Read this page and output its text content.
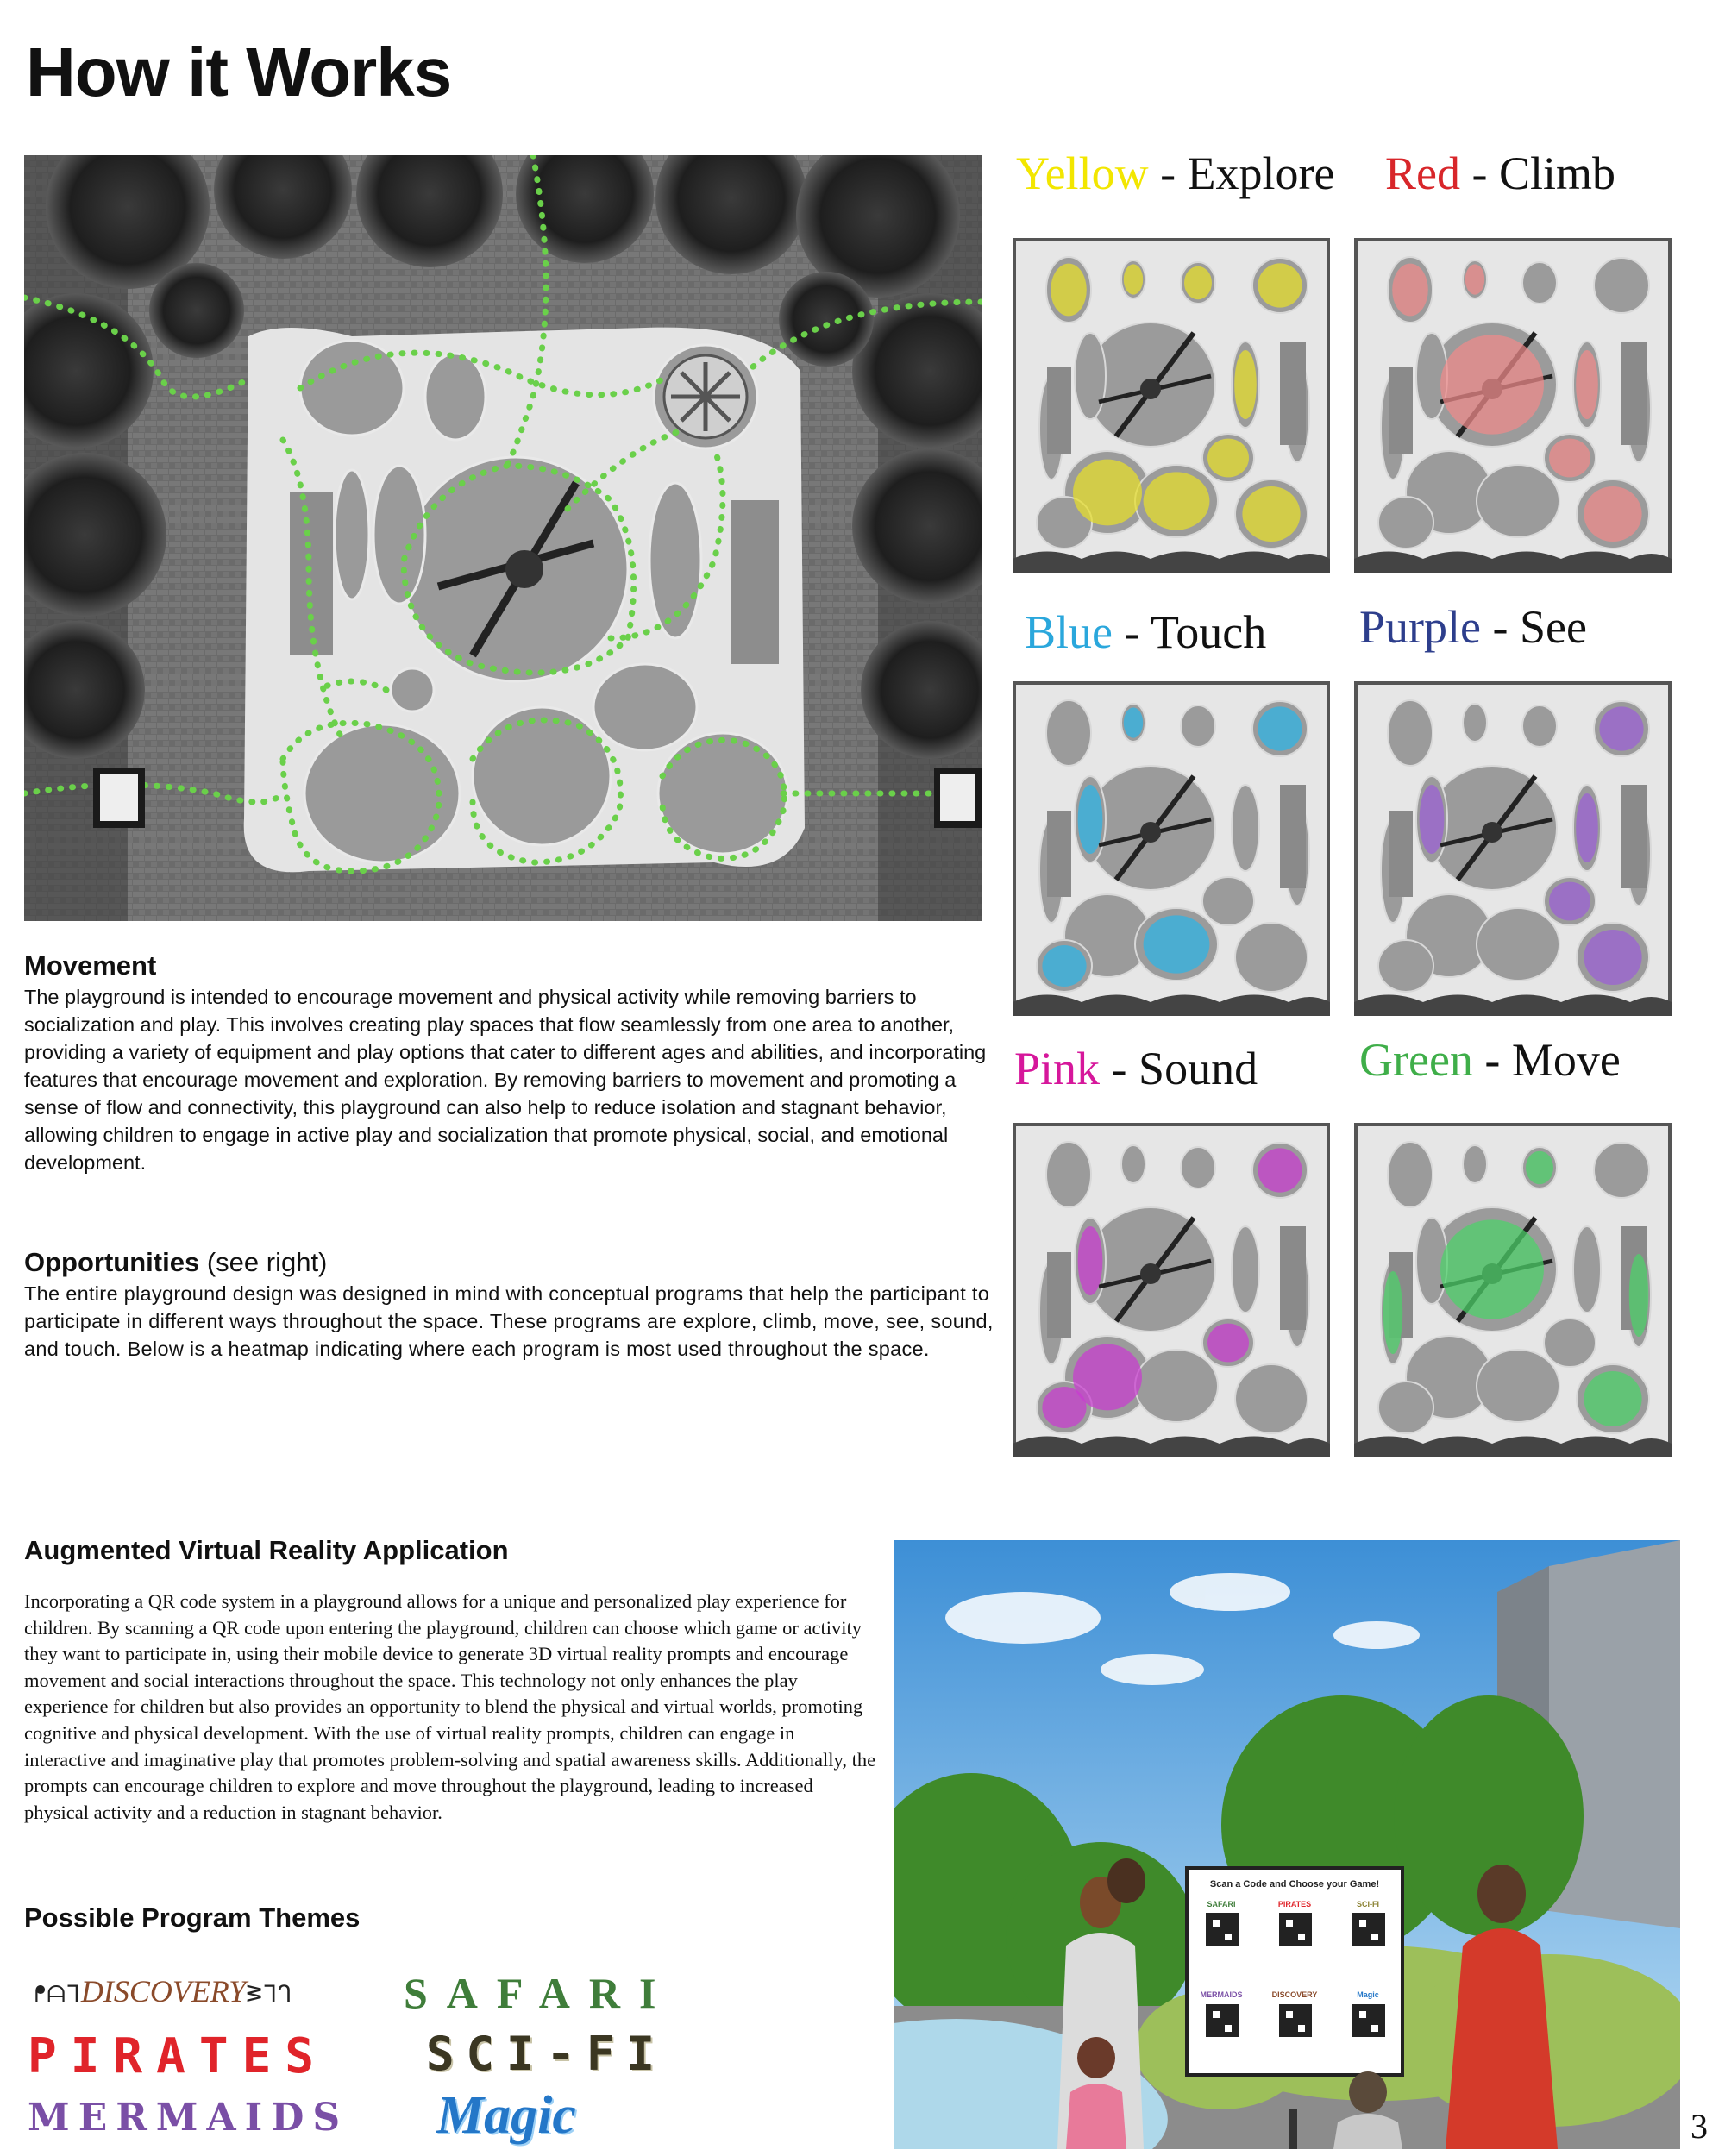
How it Works
Yellow - Explore Red - Climb
Blue - Touch Purple - See
Pink - Sound Green - Move
Movement

The playground is intended to encourage movement and physical activity while removing barriers to socialization and play. This involves creating play spaces that flow seamlessly from one area to another, providing a variety of equipment and play options that cater to different ages and abilities, and incorporating features that encourage movement and exploration. By removing barriers to movement and promoting a sense of flow and connectivity, this playground can also help to reduce isolation and stagnant behavior, allowing children to engage in active play and socialization that promote physical, social, and emotional development.

Opportunities (see right)

The entire playground design was designed in mind with conceptual programs that help the participant to participate in different ways throughout the space. These programs are explore, climb, move, see, sound, and touch. Below is a heatmap indicating where each program is most used throughout the space.

Augmented Virtual Reality Application

Incorporating a QR code system in a playground allows for a unique and personalized play experience for children. By scanning a QR code upon entering the playground, children can choose which game or activity they want to participate in, using their mobile device to generate 3D virtual reality prompts and encourage movement and social interactions throughout the space. This technology not only enhances the play experience for children but also provides an opportunity to blend the physical and virtual worlds, promoting cognitive and physical development. With the use of virtual reality prompts, children can engage in interactive and imaginative play that promotes problem-solving and spatial awareness skills. Additionally, the prompts can encourage children to explore and move throughout the playground, leading to increased physical activity and a reduction in stagnant behavior.

Possible Program Themes
ᖰᗩᒣDISCOVERYᕒᒣᒉ	SAFARI
PIRATES SCI-FI
MERMAIDS Magic
Scan a Code and Choose your Game!
SAFARI	PIRATES	SCI-FI
MERMAIDS	DISCOVERY	Magic
3
